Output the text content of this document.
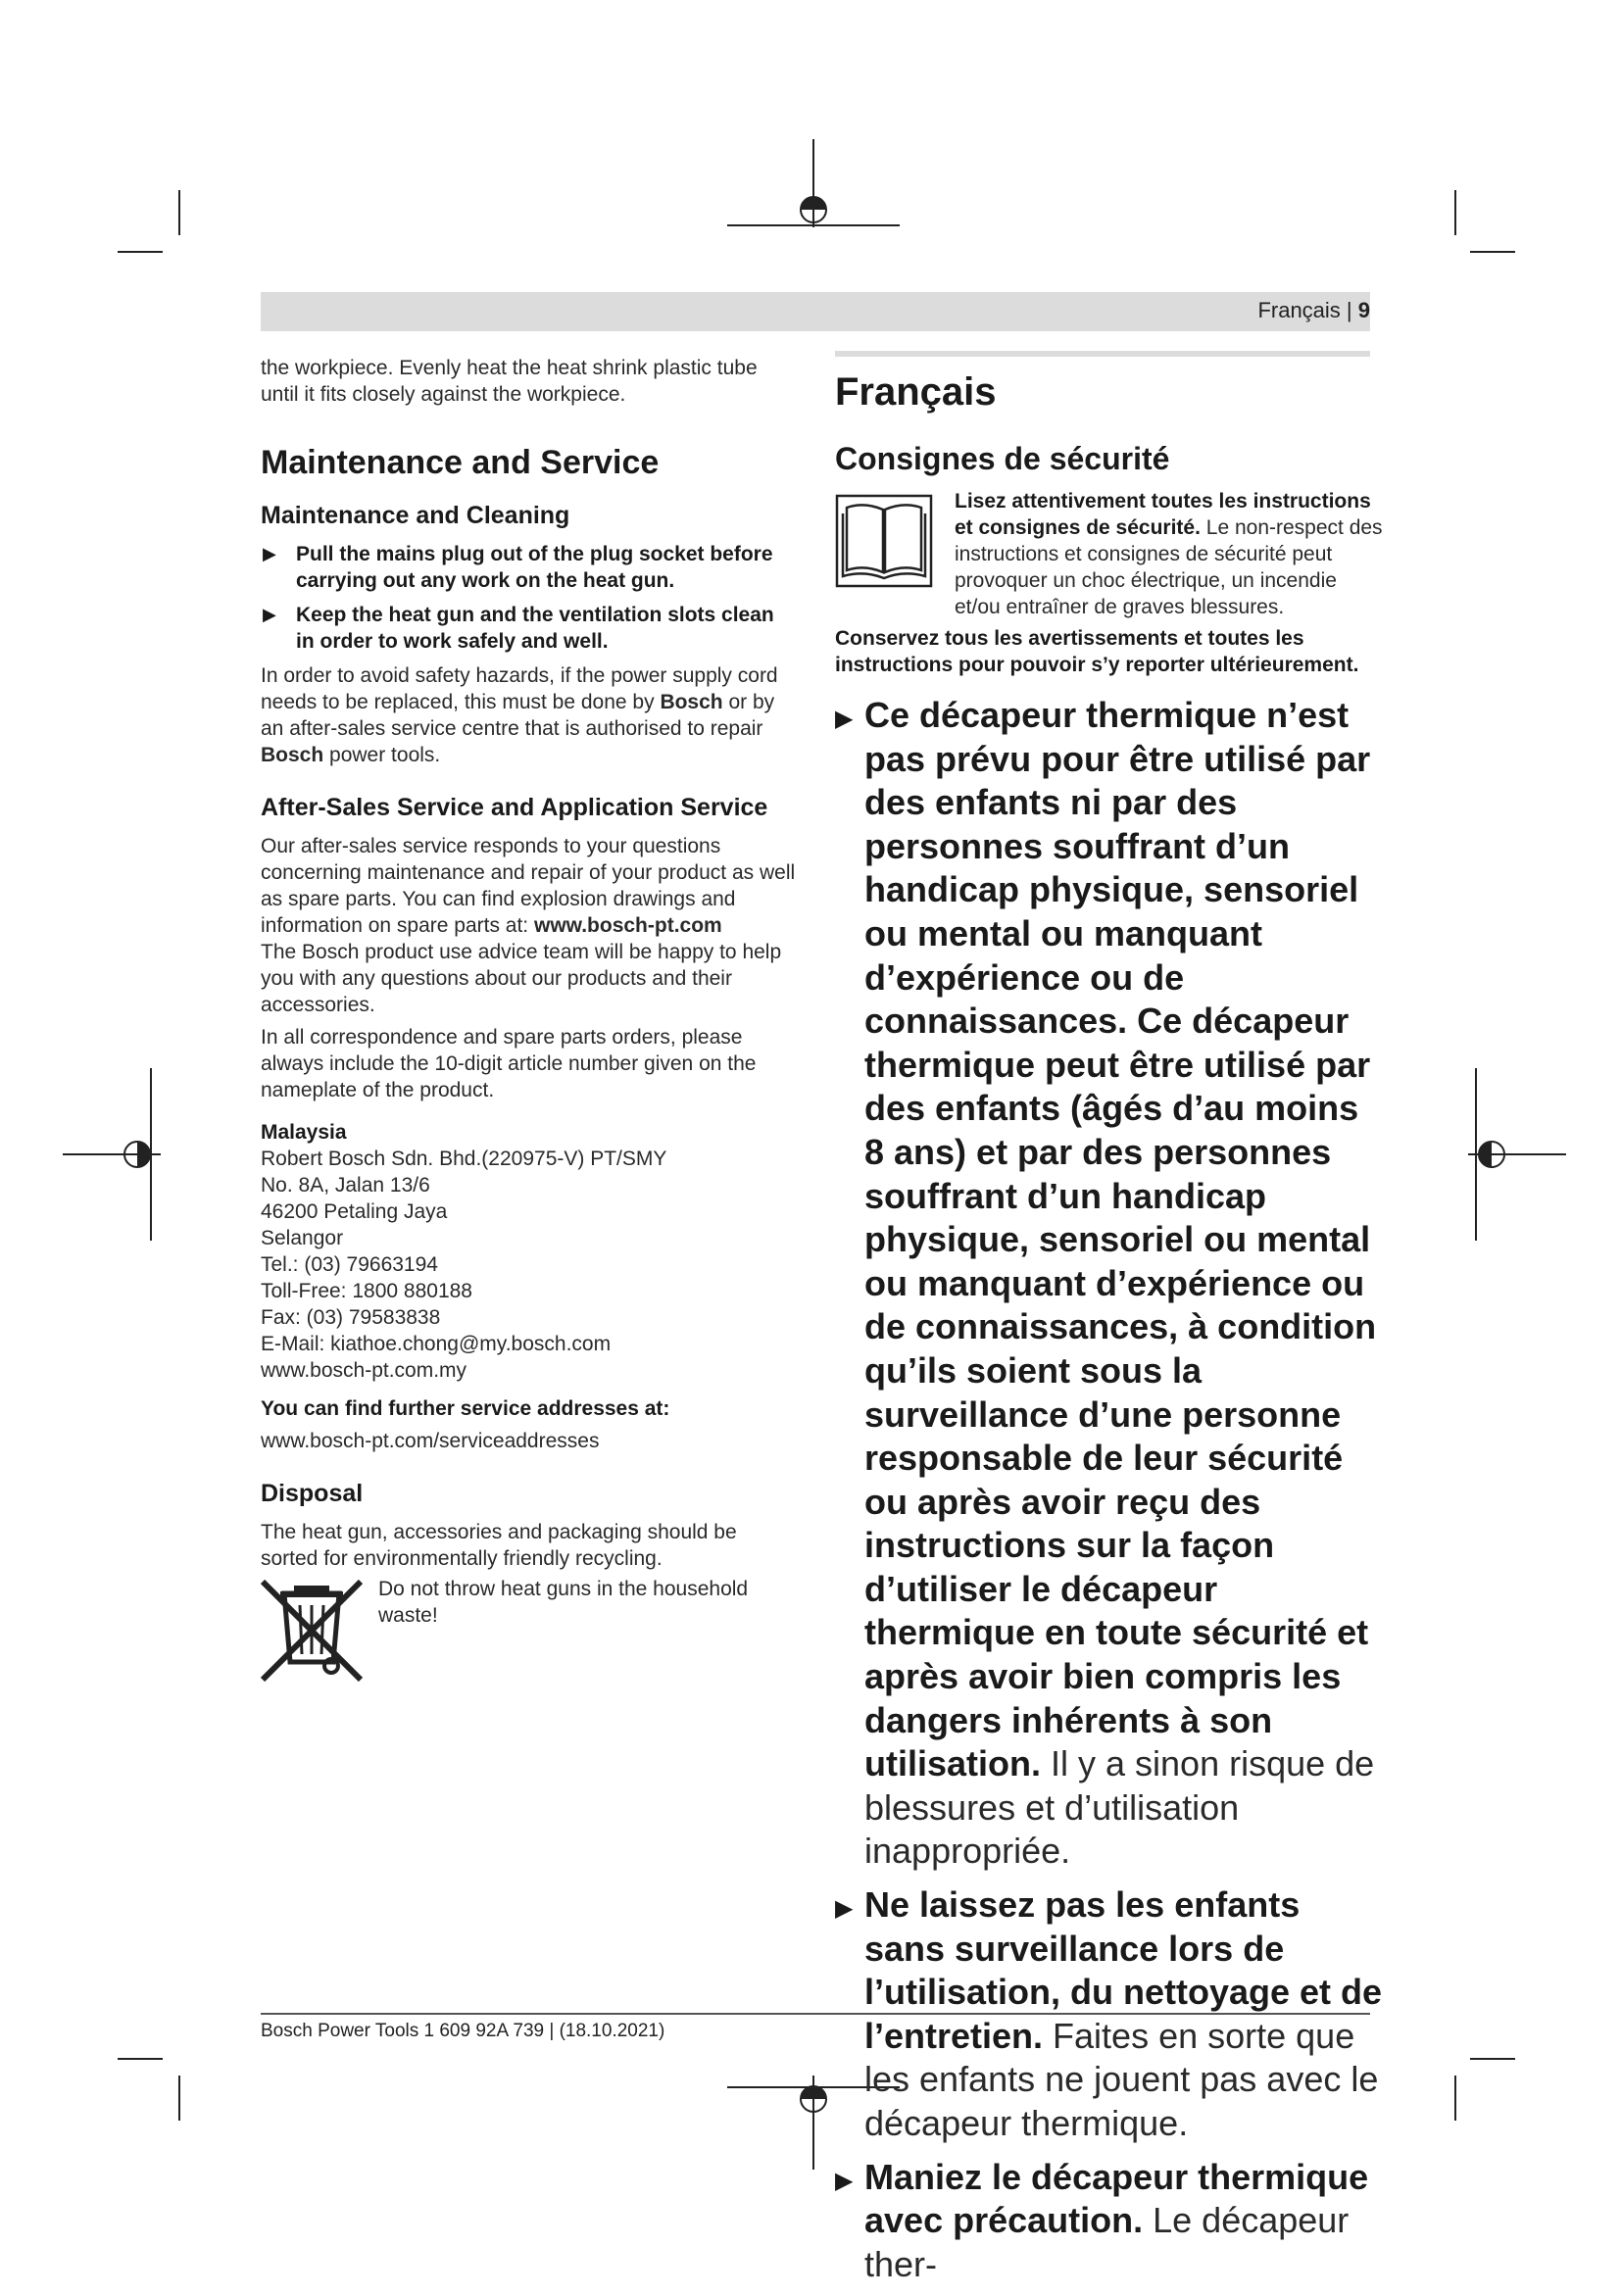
Français | 9

the workpiece. Evenly heat the heat shrink plastic tube until it fits closely against the workpiece.

Maintenance and Service
Maintenance and Cleaning
▶ Pull the mains plug out of the plug socket before carrying out any work on the heat gun.
▶ Keep the heat gun and the ventilation slots clean in order to work safely and well.

In order to avoid safety hazards, if the power supply cord needs to be replaced, this must be done by Bosch or by an after-sales service centre that is authorised to repair Bosch power tools.

After-Sales Service and Application Service

Our after-sales service responds to your questions concerning maintenance and repair of your product as well as spare parts. You can find explosion drawings and information on spare parts at: www.bosch-pt.com

The Bosch product use advice team will be happy to help you with any questions about our products and their accessories.

In all correspondence and spare parts orders, please always include the 10-digit article number given on the nameplate of the product.

Malaysia

Robert Bosch Sdn. Bhd.(220975-V) PT/SMY
No. 8A, Jalan 13/6
46200 Petaling Jaya
Selangor
Tel.: (03) 79663194
Toll-Free: 1800 880188
Fax: (03) 79583838
E-Mail: kiathoe.chong@my.bosch.com
www.bosch-pt.com.my

You can find further service addresses at:

www.bosch-pt.com/serviceaddresses

Disposal

The heat gun, accessories and packaging should be sorted for environmentally friendly recycling.

Do not throw heat guns in the household waste!
Français
Consignes de sécurité
Lisez attentivement toutes les instructions et consignes de sécurité. Le non-respect des instructions et consignes de sécurité peut provoquer un choc électrique, un incendie et/ou entraîner de graves blessures.
Conservez tous les avertissements et toutes les instructions pour pouvoir s’y reporter ultérieurement.
▶ Ce décapeur thermique n’est pas prévu pour être utilisé par des enfants ni par des personnes souffrant d’un handicap physique, sensoriel ou mental ou manquant d’expérience ou de connaissances. Ce décapeur thermique peut être utilisé par des enfants (âgés d’au moins 8 ans) et par des personnes souffrant d’un handicap physique, sensoriel ou mental ou manquant d’expérience ou de connaissances, à condition qu’ils soient sous la surveillance d’une personne responsable de leur sécurité ou après avoir reçu des instructions sur la façon d’utiliser le décapeur thermique en toute sécurité et après avoir bien compris les dangers inhérents à son utilisation. Il y a sinon risque de blessures et d’utilisation inappropriée.
▶ Ne laissez pas les enfants sans surveillance lors de l’utilisation, du nettoyage et de l’entretien. Faites en sorte que les enfants ne jouent pas avec le décapeur thermique.
▶ Maniez le décapeur thermique avec précaution. Le décapeur ther-
Bosch Power Tools 1 609 92A 739 | (18.10.2021)
